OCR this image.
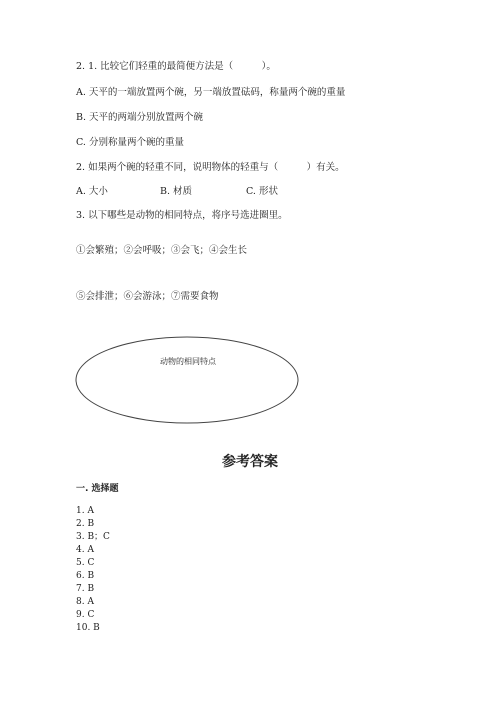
2. 1. 比较它们轻重的最简便方法是（　　　）。
A. 天平的一端放置两个碗，另一端放置砝码，称量两个碗的重量
B. 天平的两端分别放置两个碗
C. 分别称量两个碗的重量
2. 如果两个碗的轻重不同，说明物体的轻重与（　　　）有关。
A. 大小	B. 材质	C. 形状
3. 以下哪些是动物的相同特点，将序号选进圈里。
①会繁殖；②会呼吸；③会飞；④会生长
⑤会排泄；⑥会游泳；⑦需要食物
动物的相同特点
参考答案
一. 选择题
1. A
2. B
3. B；C
4. A
5. C
6. B
7. B
8. A
9. C
10. B
